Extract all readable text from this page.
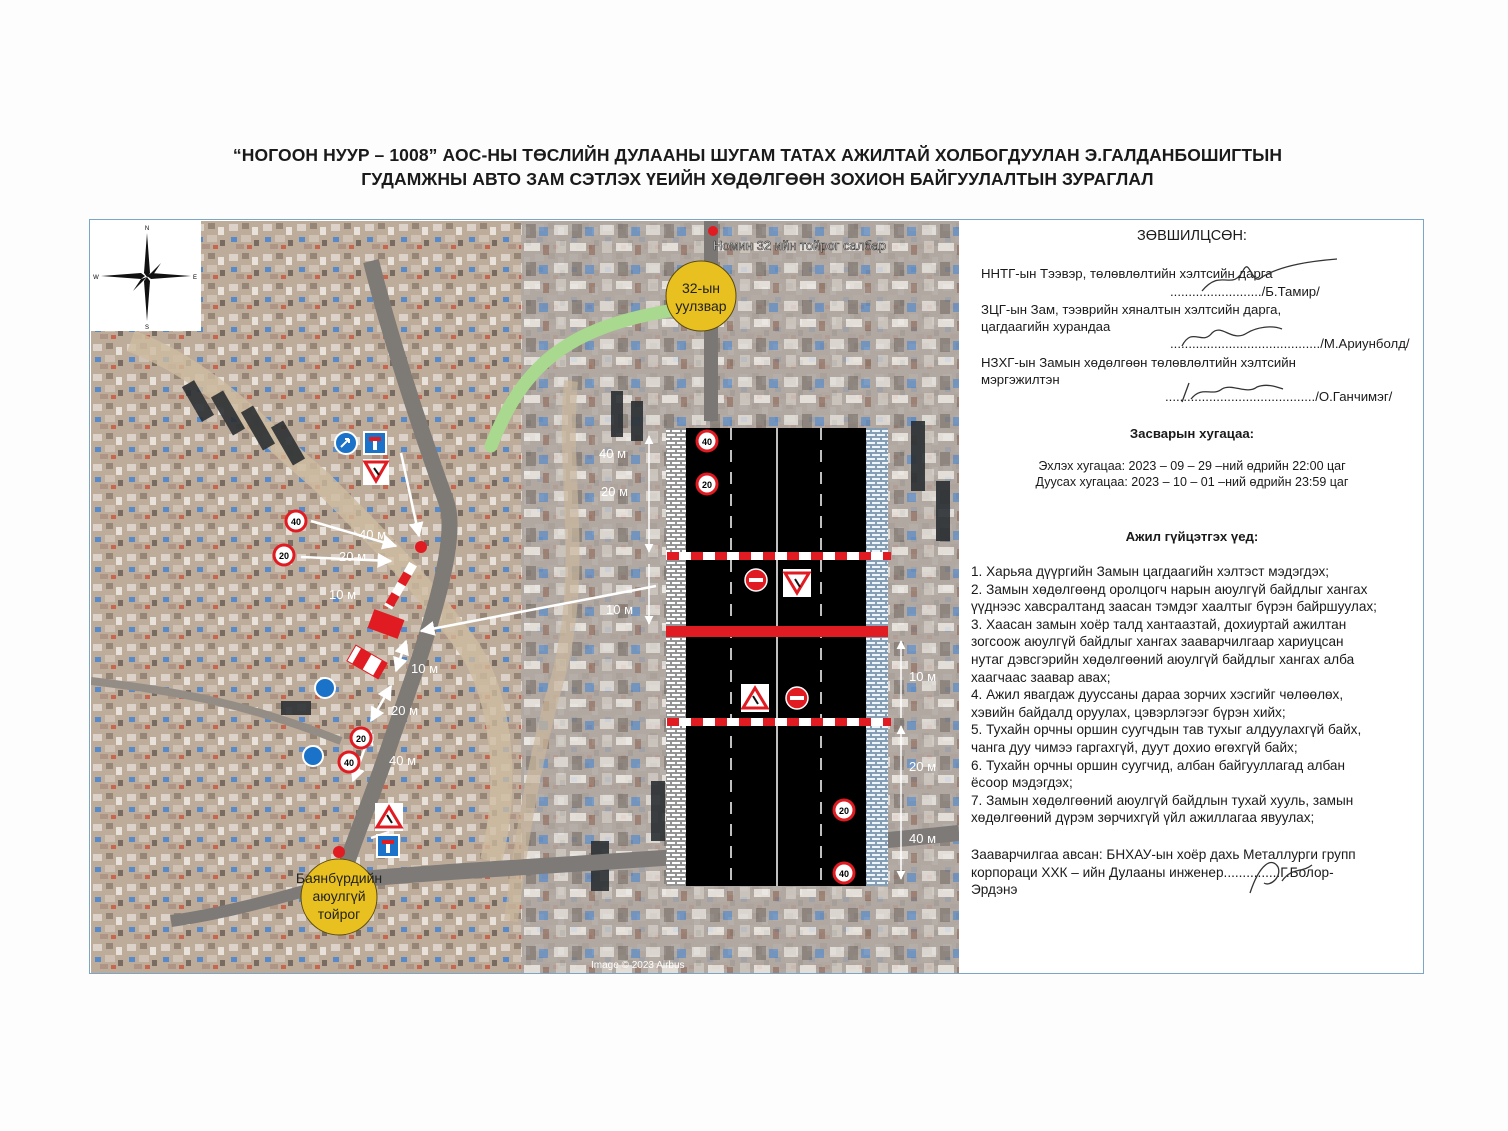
“НОГООН НУУР – 1008” АОС-НЫ ТӨСЛИЙН ДУЛААНЫ ШУГАМ ТАТАХ АЖИЛТАЙ ХОЛБОГДУУЛАН Э.ГАЛДАНБОШИГТЫН
ГУДАМЖНЫ АВТО ЗАМ СЭТЛЭХ ҮЕИЙН ХӨДӨЛГӨӨН ЗОХИОН БАЙГУУЛАЛТЫН ЗУРАГЛАЛ
N
S
E
W
Номин 32 ийн тойрог салбар
32-ын
уулзвар
Баянбүрдийн
аюулгүй
тойрог
40
20
40 м
20 м
10 м
10 м
20 м
40 м
20
40
40
20
20
40
40 м
20 м
10 м
10 м
20 м
40 м
Image © 2023 Airbus
ЗӨВШИЛЦСӨН:
ННТГ-ын Тээвэр, төлөвлөлтийн хэлтсийн дарга
........................./Б.Тамир/
ЗЦГ-ын Зам, тээврийн хяналтын хэлтсийн дарга,
цагдаагийн хурандаа
........................................./М.Ариунболд/
НЗХГ-ын Замын хөдөлгөөн төлөвлөлтийн хэлтсийн
мэргэжилтэн
........................................./О.Ганчимэг/
Засварын хугацаа:
Эхлэх хугацаа: 2023 – 09 – 29 –ний өдрийн 22:00 цаг
Дуусах хугацаа: 2023 – 10 – 01 –ний өдрийн 23:59 цаг
Ажил гүйцэтгэх үед:
1. Харьяа дүүргийн Замын цагдаагийн хэлтэст мэдэгдэх;
2. Замын хөдөлгөөнд оролцогч нарын аюулгүй байдлыг хангах
үүднээс хавсралтанд заасан тэмдэг хаалтыг бүрэн байршуулах;
3. Хаасан замын хоёр талд хантаазтай, дохиуртай ажилтан
зогсоож аюулгүй байдлыг хангах зааварчилгаар хариуцсан
нутаг дэвсгэрийн хөдөлгөөний аюулгүй байдлыг хангах алба
хаагчаас заавар авах;
4. Ажил явагдаж дууссаны дараа зорчих хэсгийг чөлөөлөх,
хэвийн байдалд оруулах, цэвэрлэгээг бүрэн хийх;
5. Тухайн орчны оршин суугчдын тав тухыг алдуулахгүй байх,
чанга дуу чимээ гаргахгүй, дуут дохио өгөхгүй байх;
6. Тухайн орчны оршин суугчид, албан байгууллагад албан
ёсоор мэдэгдэх;
7. Замын хөдөлгөөний аюулгүй байдлын тухай хууль, замын
хөдөлгөөний дүрэм зөрчихгүй үйл ажиллагаа явуулах;
Зааварчилгаа авсан: БНХАУ-ын хоёр дахь Металлурги групп
корпораци ХХК – ийн Дулааны инженер...............Г.Болор-
Эрдэнэ
